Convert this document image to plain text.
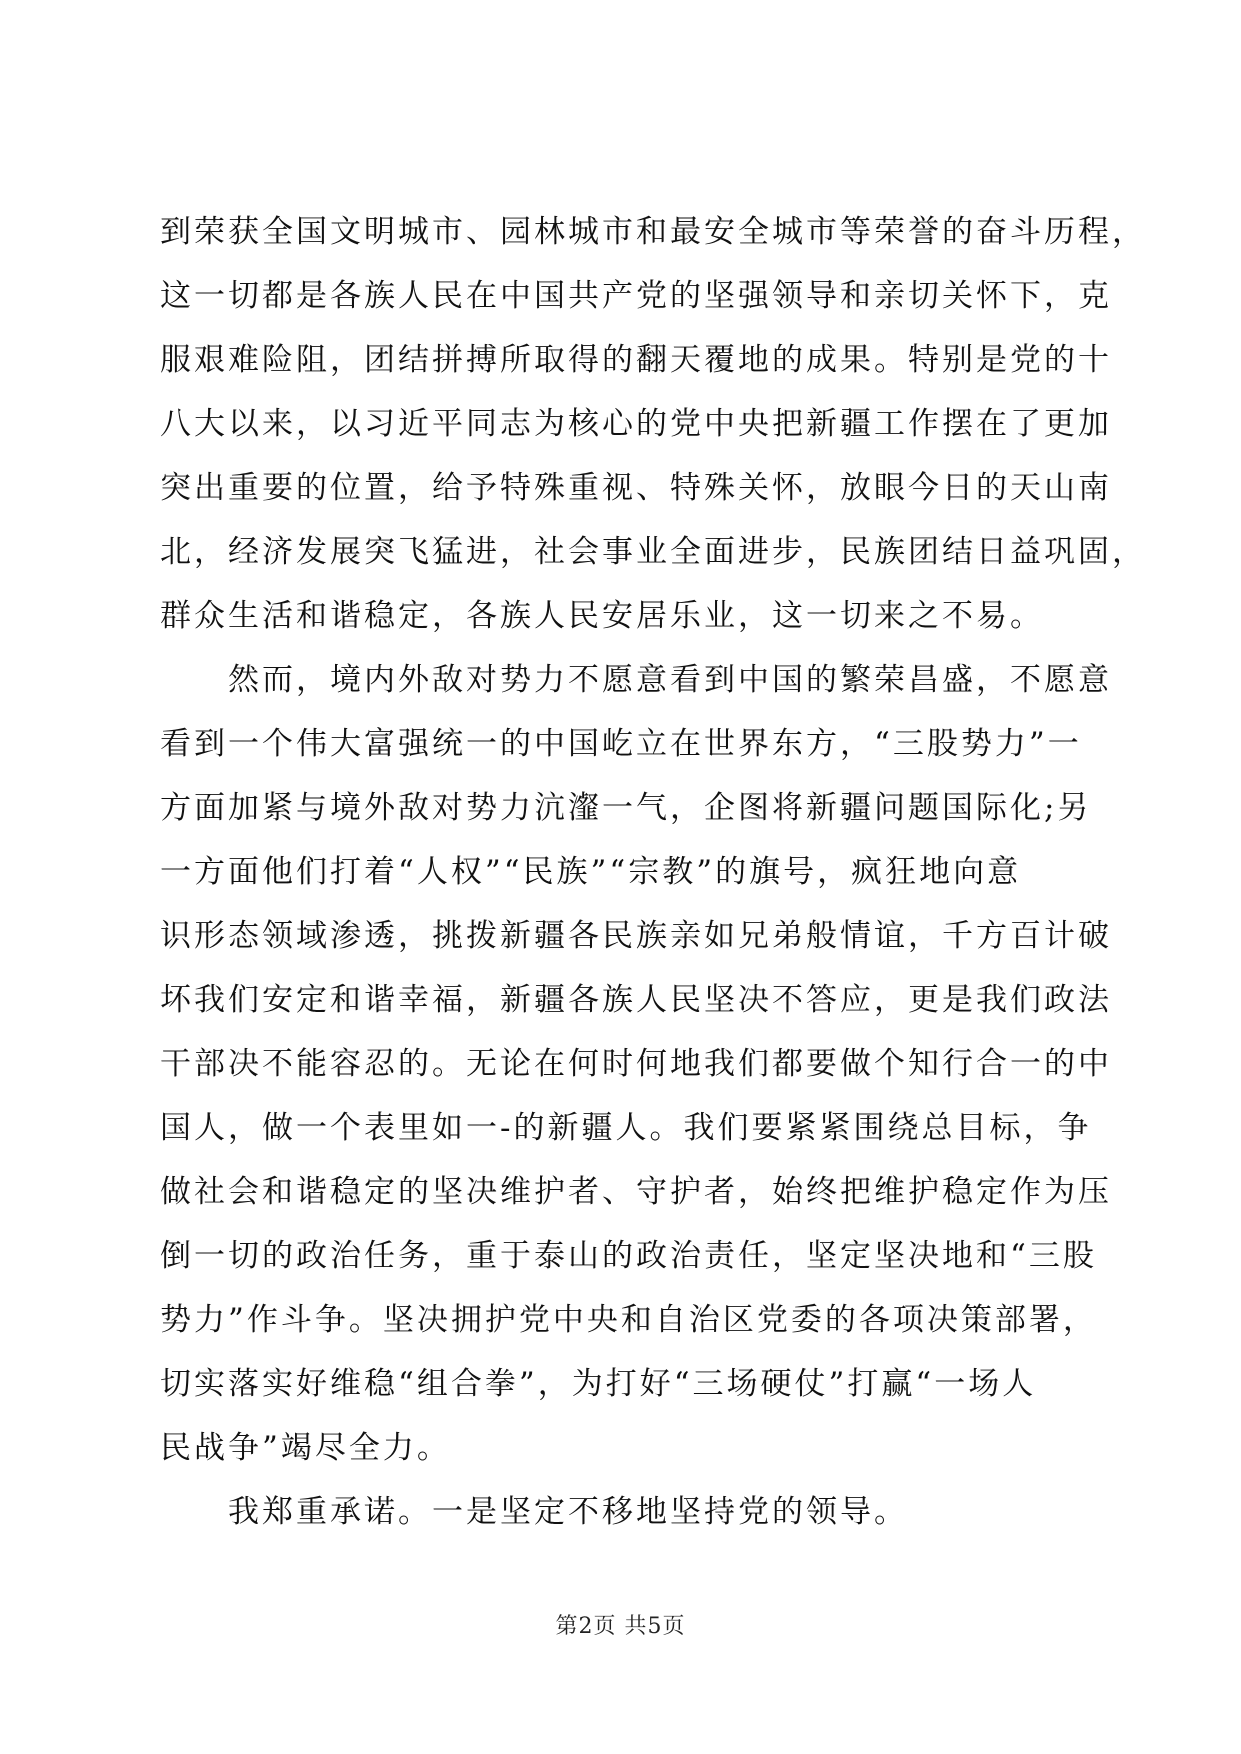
到荣获全国文明城市、园林城市和最安全城市等荣誉的奋斗历程，
这一切都是各族人民在中国共产党的坚强领导和亲切关怀下，克
服艰难险阻，团结拼搏所取得的翻天覆地的成果。特别是党的十
八大以来，以习近平同志为核心的党中央把新疆工作摆在了更加
突出重要的位置，给予特殊重视、特殊关怀，放眼今日的天山南
北，经济发展突飞猛进，社会事业全面进步，民族团结日益巩固，
群众生活和谐稳定，各族人民安居乐业，这一切来之不易。
　　然而，境内外敌对势力不愿意看到中国的繁荣昌盛，不愿意
看到一个伟大富强统一的中国屹立在世界东方，“三股势力”一
方面加紧与境外敌对势力沆瀣一气，企图将新疆问题国际化;另
一方面他们打着“人权”“民族”“宗教”的旗号，疯狂地向意
识形态领域渗透，挑拨新疆各民族亲如兄弟般情谊，千方百计破
坏我们安定和谐幸福，新疆各族人民坚决不答应，更是我们政法
干部决不能容忍的。无论在何时何地我们都要做个知行合一的中
国人，做一个表里如一-的新疆人。我们要紧紧围绕总目标，争
做社会和谐稳定的坚决维护者、守护者，始终把维护稳定作为压
倒一切的政治任务，重于泰山的政治责任，坚定坚决地和“三股
势力”作斗争。坚决拥护党中央和自治区党委的各项决策部署，
切实落实好维稳“组合拳”，为打好“三场硬仗”打赢“一场人
民战争”竭尽全力。
　　我郑重承诺。一是坚定不移地坚持党的领导。
第2页 共5页
